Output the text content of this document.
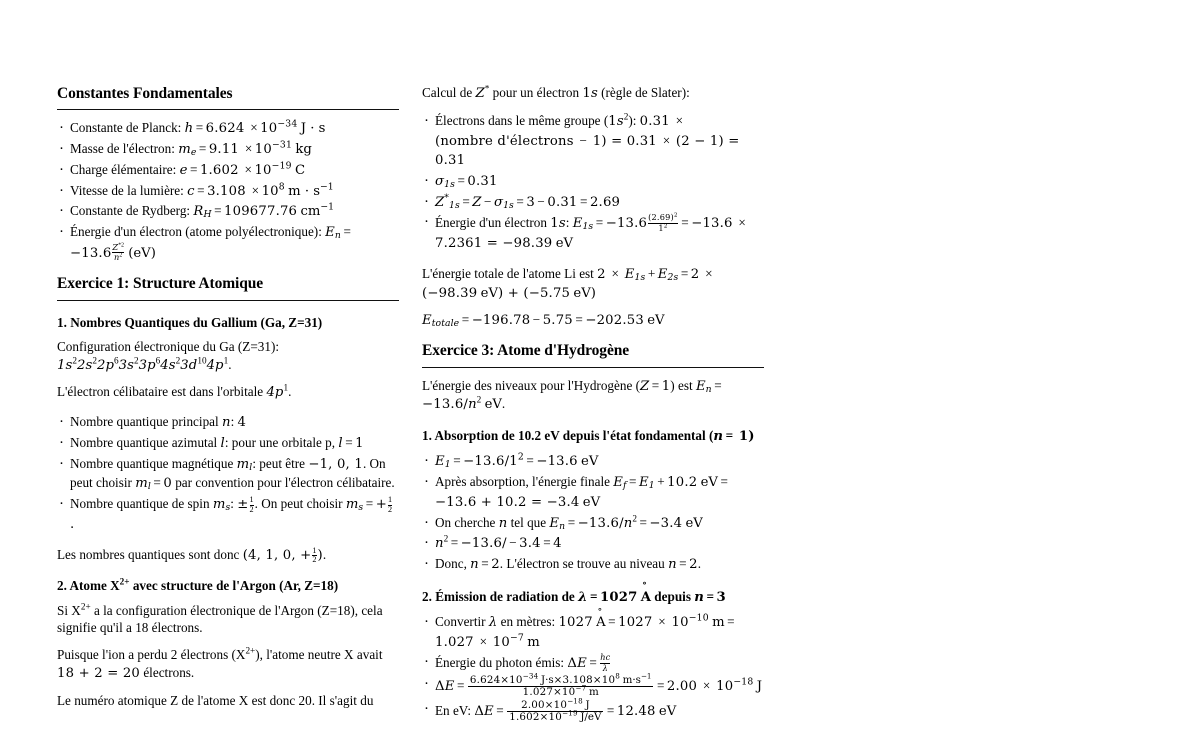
Constantes Fondamentales
· Constante de Planck: $h = 6.624 \times 10^{-34}$ J · s
· Masse de l'électron: $m_e = 9.11 \times 10^{-31}$ kg
· Charge élémentaire: $e = 1.602 \times 10^{-19}$ C
· Vitesse de la lumière: $c = 3.108 \times 10^8$ $m \cdot s^{-1}$
· Constante de Rydberg: $R_H = 109677.76$ $cm^{-1}$
· Énergie d'un électron (atome polyélectronique): $E_n$ =
$-13.6 \frac{Z^{*2}}{n^2} (eV)$
Exercice 1: Structure Atomique
1. Nombres Quantiques du Gallium (Ga, Z=31)

Configuration électronique du Ga (Z=31):
$1s^22s^22p^63s^23p^64s^23d^{10}4p^1$.

L'électron célibataire est dans l'orbitale $4p^1$.

· Nombre quantique principal n: 4
· Nombre quantique azimutal l: pour une orbitale p, l = 1
· Nombre quantique magnétique $m_l$: peut être −1, 0, 1. On peut choisir $m_l = 0$ par convention pour l'électron célibataire.
· Nombre quantique de spin $m_s$: ± $\frac{1}{2}$ . On peut choisir $m_s$ = + $\frac{1}{2}$

.

Les nombres quantiques sont donc (4, 1, 0, + $\frac{1}{2}$ ).

2. Atome $X^{2+}$ avec structure de l'Argon (Ar, Z=18)

Si $X^{2+}$ a la configuration électronique de l'Argon (Z=18), cela signifie qu'il a 18 électrons.

Puisque l'ion a perdu 2 électrons $(X^{2+})$, l'atome neutre X avait 18 + 2 = 20 électrons.

Le numéro atomique Z de l'atome X est donc 20. Il s'agit du

Calcul de Z* pour un électron 1s (règle de Slater):

· Électrons dans le même groupe $(1s^2)$: 0.31 ×
(nombre d'électrons − 1) = 0.31 × (2 − 1) = 0.31
· $\sigma_{1s} = 0.31$
· $Z^*_{1s} = Z - \sigma_{1s} = 3 - 0.31 = 2.69$
· Énergie d'un électron 1s: $E_{1s} = -13.6 \frac{(2.69)^2}{1^2} = -13.6$ ×
7.2361 = −98.39 eV

L'énergie totale de l'atome Li est $2 \times E_{1s} + E_{2s} = 2$ ×
(−98.39 eV) + (−5.75 eV)

$E_{totale} = -196.78 - 5.75 = -202.53$ eV

Exercice 3: Atome d'Hydrogène

L'énergie des niveaux pour l'Hydrogène (Z = 1) est $E_n$ =
$-13.6/n^2$ eV.

1. Absorption de 10.2 eV depuis l'état fondamental (n = 1)
· $E_1 = -13.6/1^2 = -13.6$ eV
· Après absorption, l'énergie finale $E_f = E_1 + 10.2$ eV =
−13.6 + 10.2 = −3.4 eV
· On cherche n tel que $E_n = -13.6/n^2 = -3.4$ eV
· $n^2 = -13.6/ - 3.4 = 4$
· Donc, n = 2. L'électron se trouve au niveau n = 2.
2. Émission de radiation de λ = 1027 ˚ A depuis n = 3
· Convertir λ en mètres: 1027 ˚ $A = 1027 \times 10^{-10}$ m =
$1.027 \times 10^{-7}$ m
· Énergie du photon émis: $\Delta E = \frac{hc}{\lambda}$
· $\Delta E = \frac{6.624\times 10^{-34} J\cdot s\times 3.108\times 10^8 m\cdot s^{-1}}{1.027\times 10^{-7} m} = 2.00 \times 10^{-18}$ J
· En eV: $\Delta E = \frac{2.00\times 10^{-18} J}{1.602\times 10^{-19} J/eV} = 12.48$ eV
